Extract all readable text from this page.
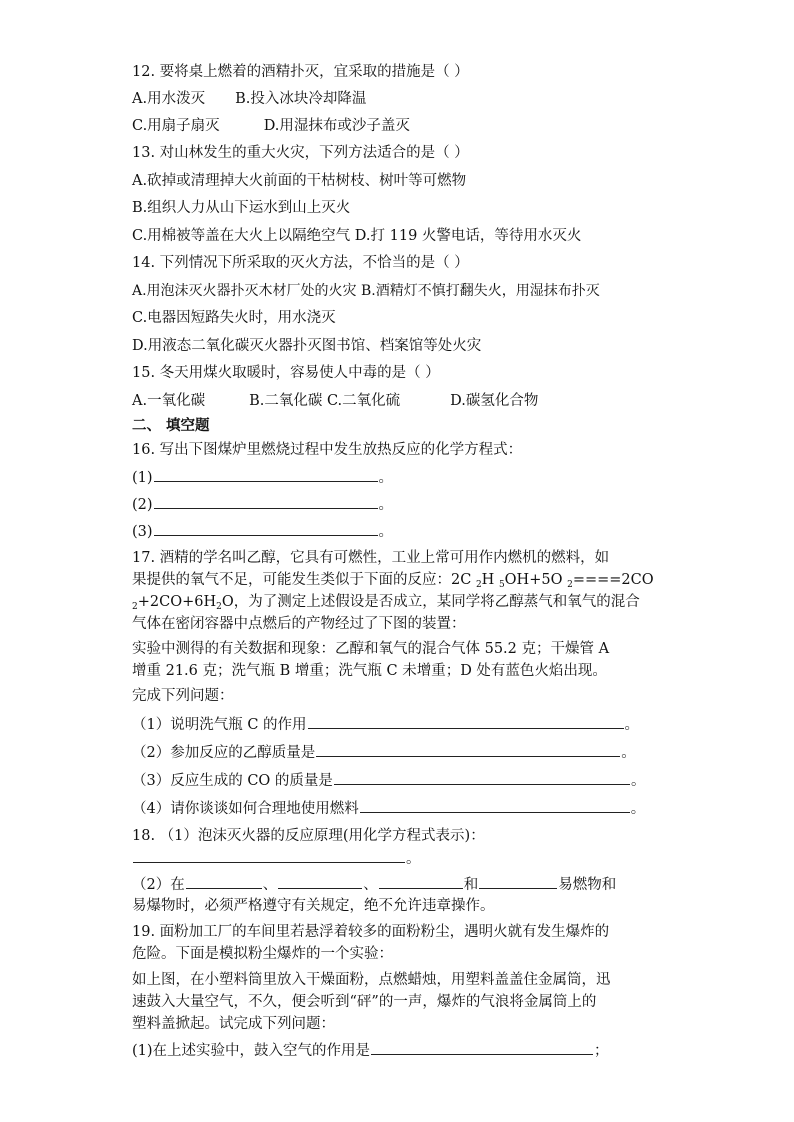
12. 要将桌上燃着的酒精扑灭，宜采取的措施是（ ）
A.用水泼灭 B.投入冰块冷却降温
C.用扇子扇灭	D.用湿抹布或沙子盖灭
13. 对山林发生的重大火灾，下列方法适合的是（ ）
A.砍掉或清理掉大火前面的干枯树枝、树叶等可燃物
B.组织人力从山下运水到山上灭火
C.用棉被等盖在大火上以隔绝空气 D.打 119 火警电话，等待用水灭火
14. 下列情况下所采取的灭火方法，不恰当的是（ ）
A.用泡沫灭火器扑灭木材厂处的火灾 B.酒精灯不慎打翻失火，用湿抹布扑灭
C.电器因短路失火时，用水浇灭
D.用液态二氧化碳灭火器扑灭图书馆、档案馆等处火灾
15. 冬天用煤火取暖时，容易使人中毒的是（ ）
A.一氧化碳	B.二氧化碳 C.二氧化硫	D.碳氢化合物
二、 填空题
16. 写出下图煤炉里燃烧过程中发生放热反应的化学方程式：
(1)	。
(2)	。
(3)	。
17. 酒精的学名叫乙醇，它具有可燃性，工业上常可用作内燃机的燃料，如
果提供的氧气不足，可能发生类似于下面的反应：2C $_2$H $_5$OH+5O $_2$====2CO
$_2+2CO+6H_2O$，为了测定上述假设是否成立，某同学将乙醇蒸气和氧气的混合
气体在密闭容器中点燃后的产物经过了下图的装置：
实验中测得的有关数据和现象：乙醇和氧气的混合气体 55.2 克；干燥管 A
增重 21.6 克；洗气瓶 B 增重；洗气瓶 C 未增重；D 处有蓝色火焰出现。
完成下列问题：
（1）说明洗气瓶 C 的作用	。
（2）参加反应的乙醇质量是	。
（3）反应生成的 CO 的质量是	。
（4）请你谈谈如何合理地使用燃料	。
18. （1）泡沫灭火器的反应原理(用化学方程式表示)：
。
（2）在	、	、	和	易燃物和
易爆物时，必须严格遵守有关规定，绝不允许违章操作。
19. 面粉加工厂的车间里若悬浮着较多的面粉粉尘，遇明火就有发生爆炸的
危险。下面是模拟粉尘爆炸的一个实验：
如上图，在小塑料筒里放入干燥面粉，点燃蜡烛，用塑料盖盖住金属筒，迅
速鼓入大量空气，不久，便会听到“砰”的一声，爆炸的气浪将金属筒上的
塑料盖掀起。试完成下列问题：
(1)在上述实验中，鼓入空气的作用是	；
